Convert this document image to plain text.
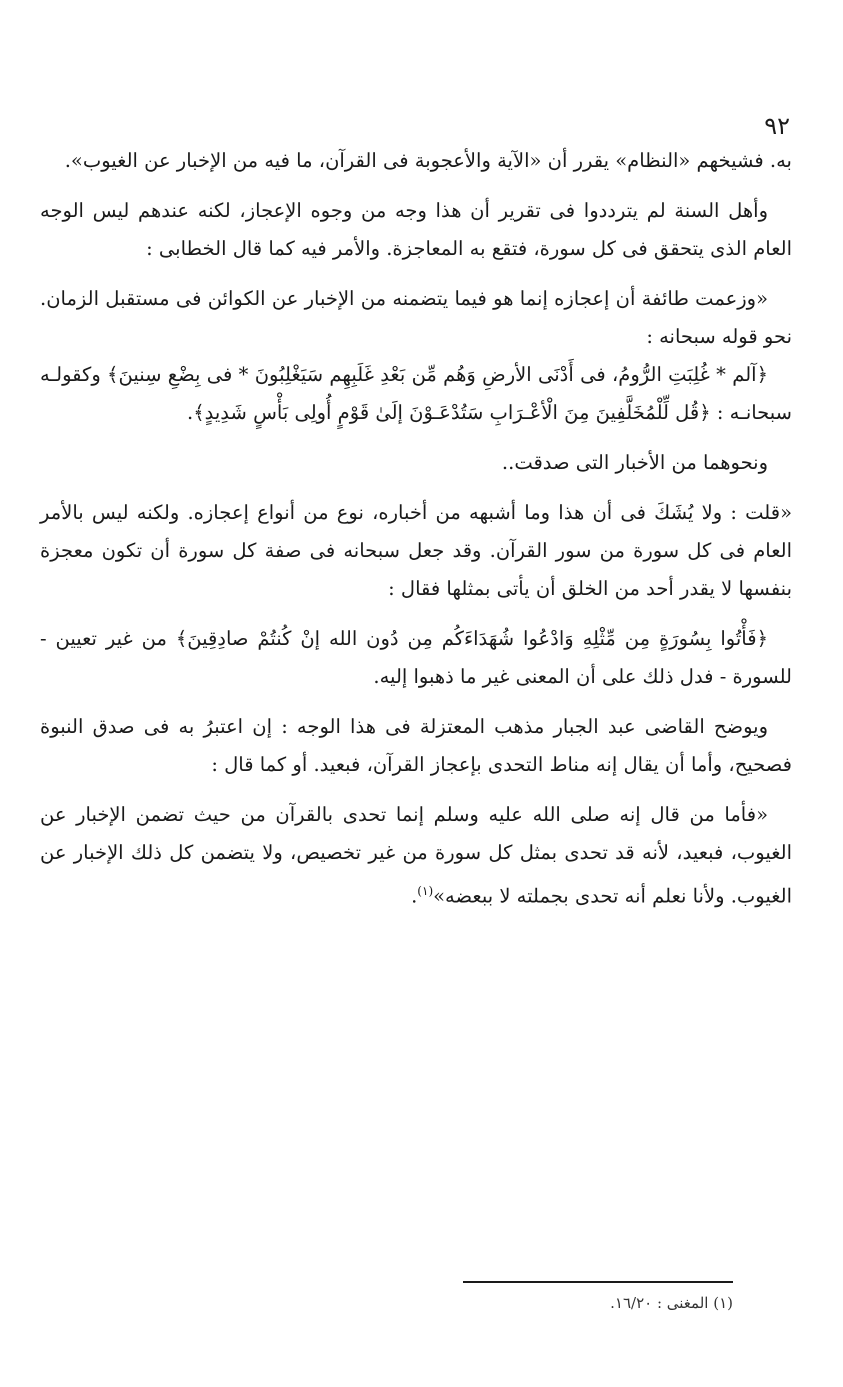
٩٢

به. فشيخهم «النظام» يقرر أن «الآية والأعجوبة فى القرآن، ما فيه من الإخبار عن الغيوب».

وأهل السنة لم يترددوا فى تقرير أن هذا وجه من وجوه الإعجاز، لكنه عندهم ليس الوجه العام الذى يتحقق فى كل سورة، فتقع به المعاجزة. والأمر فيه كما قال الخطابى :

«وزعمت طائفة أن إعجازه إنما هو فيما يتضمنه من الإخبار عن الكوائن فى مستقبل الزمان. نحو قوله سبحانه :

﴿آلم * غُلِبَتِ الرُّومُ، فى أَدْنَى الأرضِ وَهُم مِّن بَعْدِ غَلَبِهِم سَيَغْلِبُونَ * فى بِضْعِ سِنينَ﴾ وكقولـه سبحانـه : ﴿قُل لِّلْمُخَلَّفِينَ مِنَ الْأعْـرَابِ سَتُدْعَـوْنَ إلَىٰ قَوْمٍ أُولِى بَأْسٍ شَدِيدٍ﴾.

ونحوهما من الأخبار التى صدقت..

«قلت : ولا يُشَكَ فى أن هذا وما أشبهه من أخباره، نوع من أنواع إعجازه. ولكنه ليس بالأمر العام فى كل سورة من سور القرآن. وقد جعل سبحانه فى صفة كل سورة أن تكون معجزة بنفسها لا يقدر أحد من الخلق أن يأتى بمثلها فقال :

﴿فَأْتُوا بِسُورَةٍ مِن مِّثْلِهِ وَادْعُوا شُهَدَاءَكُم مِن دُون الله إنْ كُنتُمْ صادِقِينَ﴾ من غير تعيين - للسورة - فدل ذلك على أن المعنى غير ما ذهبوا إليه.

ويوضح القاضى عبد الجبار مذهب المعتزلة فى هذا الوجه : إن اعتبرُ به فى صدق النبوة فصحيح، وأما أن يقال إنه مناط التحدى بإعجاز القرآن، فبعيد. أو كما قال :

«فأما من قال إنه صلى الله عليه وسلم إنما تحدى بالقرآن من حيث تضمن الإخبار عن الغيوب، فبعيد، لأنه قد تحدى بمثل كل سورة من غير تخصيص، ولا يتضمن كل ذلك الإخبار عن الغيوب. ولأنا نعلم أنه تحدى بجملته لا ببعضه»$^{(١)}$.

(١) المغنى : ١٦/٢٠.
